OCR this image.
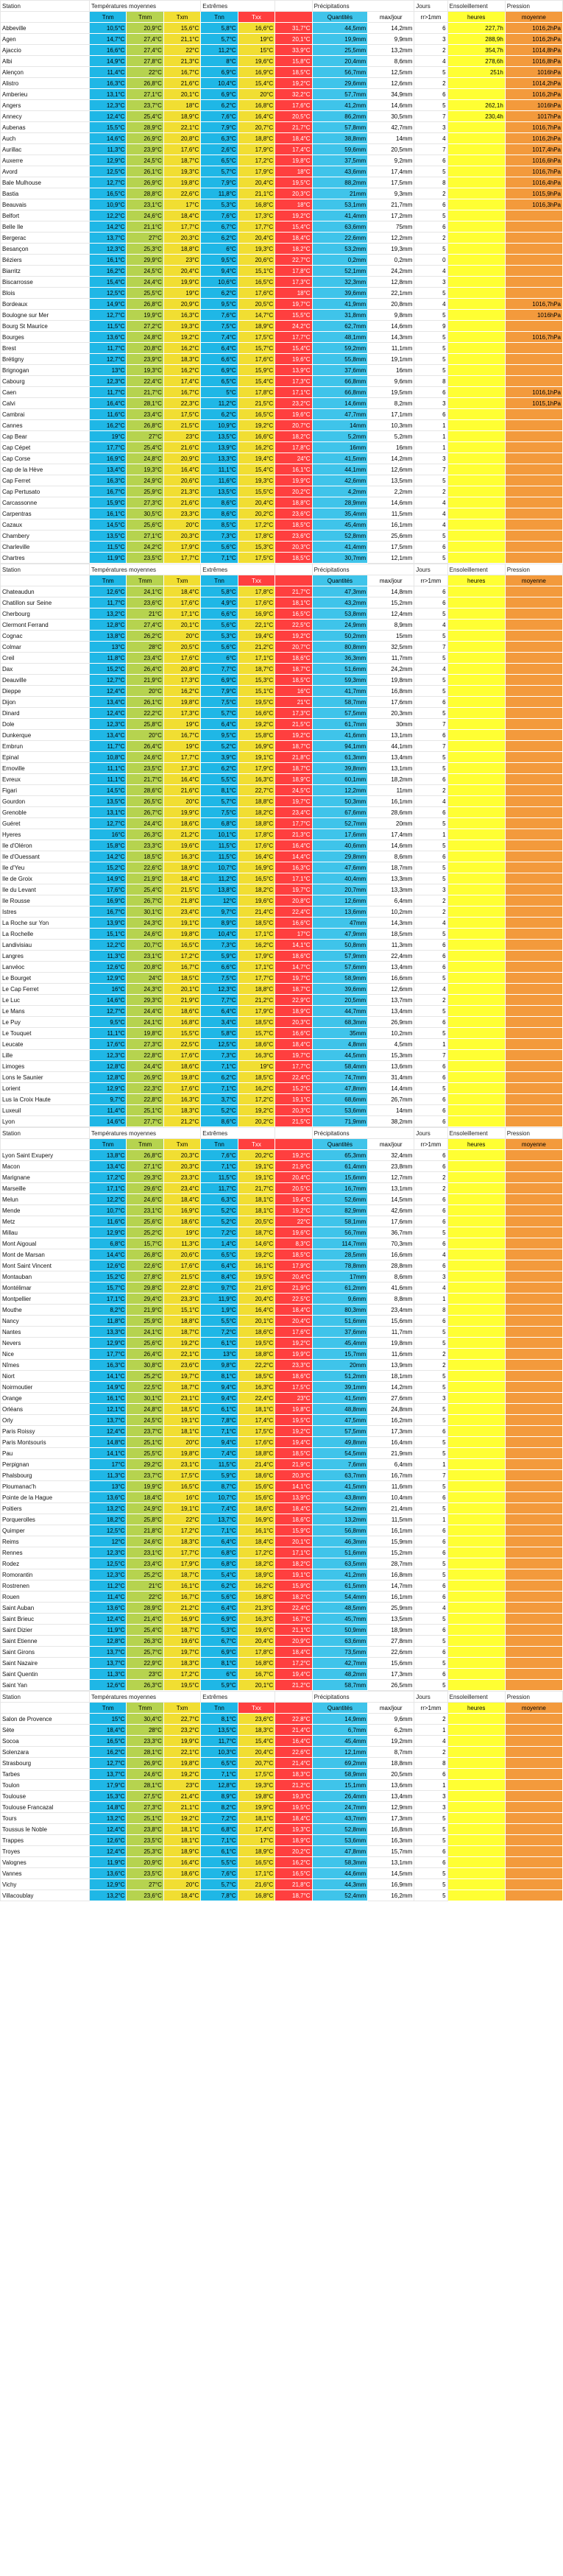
Station	Températures moyennes			Extrêmes			Précipitations		Jours	Ensoleillement	Pression
	Tnm	Tmm	Txm	Tnn	Txx		Quantités	max/jour	rr>1mm	heures	moyenne
Abbeville	10,5°C	20,9°C	15,6°C	5,8°C	16,6°C	31,7°C	44,5mm	14,2mm	6	227,7h	1016,2hPa
Agen	14,7°C	27,4°C	21,1°C	5,7°C	19°C	20,1°C	19,9mm	9,9mm	3	288,9h	1016,2hPa
Ajaccio	16,6°C	27,4°C	22°C	11,2°C	15°C	33,9°C	25,5mm	13,2mm	2	354,7h	1014,8hPa
Albi	14,9°C	27,8°C	21,3°C	8°C	19,6°C	15,8°C	20,4mm	8,6mm	4	278,6h	1016,8hPa
Alençon	11,4°C	22°C	16,7°C	6,9°C	16,9°C	18,5°C	56,7mm	12,5mm	5	251h	1016hPa
Alistro	16,3°C	26,8°C	21,6°C	10,4°C	15,4°C	19,2°C	29,6mm	12,6mm	2		1014,2hPa
Amberieu	13,1°C	27,1°C	20,1°C	6,9°C	20°C	32,2°C	57,7mm	34,9mm	6		1016,2hPa
Angers	12,3°C	23,7°C	18°C	6,2°C	16,8°C	17,6°C	41,2mm	14,6mm	5	262,1h	1016hPa
Annecy	12,4°C	25,4°C	18,9°C	7,6°C	16,4°C	20,5°C	86,2mm	30,5mm	7	230,4h	1017hPa
Aubenas	15,5°C	28,9°C	22,1°C	7,9°C	20,7°C	21,7°C	57,8mm	42,7mm	3		1016,7hPa
Auch	14,6°C	26,9°C	20,8°C	6,3°C	18,8°C	18,4°C	38,8mm	14mm	4		1016,2hPa
Aurillac	11,3°C	23,9°C	17,6°C	2,6°C	17,9°C	17,4°C	59,6mm	20,5mm	7		1017,4hPa
Auxerre	12,9°C	24,5°C	18,7°C	6,5°C	17,2°C	19,8°C	37,5mm	9,2mm	6		1016,6hPa
Avord	12,5°C	26,1°C	19,3°C	5,7°C	17,9°C	18°C	43,6mm	17,4mm	5		1016,7hPa
Bale Mulhouse	12,7°C	26,9°C	19,8°C	7,9°C	20,4°C	19,5°C	88,2mm	17,5mm	8		1016,4hPa
Bastia	16,5°C	28,8°C	22,6°C	11,8°C	21,1°C	20,3°C	21mm	9,3mm	2		1015,9hPa
Beauvais	10,9°C	23,1°C	17°C	5,3°C	16,8°C	18°C	53,1mm	21,7mm	6		1016,3hPa
Belfort	12,2°C	24,6°C	18,4°C	7,6°C	17,3°C	19,2°C	41,4mm	17,2mm	5		
Belle Ile	14,2°C	21,1°C	17,7°C	6,7°C	17,7°C	15,4°C	63,6mm	75mm	6		
Bergerac	13,7°C	27°C	20,3°C	6,2°C	20,4°C	18,4°C	22,6mm	12,2mm	2		
Besançon	12,3°C	25,3°C	18,8°C	6°C	19,3°C	18,2°C	53,2mm	19,3mm	5		
Béziers	16,1°C	29,9°C	23°C	9,5°C	20,6°C	22,7°C	0,2mm	0,2mm	0		
Biarritz	16,2°C	24,5°C	20,4°C	9,4°C	15,1°C	17,8°C	52,1mm	24,2mm	4		
Biscarrosse	15,4°C	24,4°C	19,9°C	10,6°C	16,5°C	17,3°C	32,3mm	12,8mm	3		
Blois	12,5°C	25,5°C	19°C	6,2°C	17,6°C	18°C	39,6mm	22,1mm	5		
Bordeaux	14,9°C	26,8°C	20,9°C	9,5°C	20,5°C	19,7°C	41,9mm	20,8mm	4		1016,7hPa
Boulogne sur Mer	12,7°C	19,9°C	16,3°C	7,6°C	14,7°C	15,5°C	31,8mm	9,8mm	5		1016hPa
Bourg St Maurice	11,5°C	27,2°C	19,3°C	7,5°C	18,9°C	24,2°C	62,7mm	14,6mm	9		
Bourges	13,6°C	24,8°C	19,2°C	7,4°C	17,5°C	17,7°C	48,1mm	14,3mm	5		1016,7hPa
Brest	11,7°C	20,8°C	16,2°C	6,4°C	15,7°C	15,4°C	59,2mm	11,1mm	5		
Brétigny	12,7°C	23,9°C	18,3°C	6,6°C	17,6°C	19,6°C	55,8mm	19,1mm	5		
Brignogan	13°C	19,3°C	16,2°C	6,9°C	15,9°C	13,9°C	37,6mm	16mm	5		
Cabourg	12,3°C	22,4°C	17,4°C	6,5°C	15,4°C	17,3°C	66,8mm	9,6mm	8		
Caen	11,7°C	21,7°C	16,7°C	5°C	17,8°C	17,1°C	66,8mm	19,5mm	6		1016,1hPa
Calvi	16,4°C	28,1°C	22,3°C	11,2°C	21,5°C	23,2°C	14,6mm	8,2mm	3		1015,1hPa
Cambrai	11,6°C	23,4°C	17,5°C	6,2°C	16,5°C	19,6°C	47,7mm	17,1mm	6		
Cannes	16,2°C	26,8°C	21,5°C	10,9°C	19,2°C	20,7°C	14mm	10,3mm	1		
Cap Bear	19°C	27°C	23°C	13,5°C	16,6°C	18,2°C	5,2mm	5,2mm	1		
Cap Cépet	17,7°C	25,4°C	21,6°C	13,9°C	16,2°C	17,8°C	16mm	16mm	1		
Cap Corse	16,9°C	24,8°C	20,9°C	13,3°C	19,4°C	24°C	41,5mm	14,2mm	3		
Cap de la Hève	13,4°C	19,3°C	16,4°C	11,1°C	15,4°C	16,1°C	44,1mm	12,6mm	7		
Cap Ferret	16,3°C	24,9°C	20,6°C	11,6°C	19,3°C	19,9°C	42,6mm	13,5mm	5		
Cap Pertusato	16,7°C	25,9°C	21,3°C	13,5°C	15,5°C	20,2°C	4,2mm	2,2mm	2		
Carcassonne	15,9°C	27,3°C	21,6°C	8,6°C	20,4°C	18,8°C	28,9mm	14,6mm	4		
Carpentras	16,1°C	30,5°C	23,3°C	8,6°C	20,2°C	23,6°C	35,4mm	11,5mm	4		
Cazaux	14,5°C	25,6°C	20°C	8,5°C	17,2°C	18,5°C	45,4mm	16,1mm	4		
Chambery	13,5°C	27,1°C	20,3°C	7,3°C	17,8°C	23,6°C	52,8mm	25,6mm	5		
Charleville	11,5°C	24,2°C	17,9°C	5,6°C	15,3°C	20,3°C	41,4mm	17,5mm	6		
Chartres	11,9°C	23,5°C	17,7°C	7,1°C	17,5°C	18,5°C	30,7mm	12,1mm	5		
Station	Températures moyennes			Extrêmes			Précipitations		Jours	Ensoleillement	Pression
	Tnm	Tmm	Txm	Tnn	Txx		Quantités	max/jour	rr>1mm	heures	moyenne
Chateaudun	12,6°C	24,1°C	18,4°C	5,8°C	17,8°C	21,7°C	47,3mm	14,8mm	6		
Chatillon sur Seine	11,7°C	23,6°C	17,6°C	4,9°C	17,6°C	18,1°C	43,2mm	15,2mm	6		
Cherbourg	13,2°C	21°C	17,1°C	6,6°C	16,9°C	16,5°C	53,8mm	12,4mm	5		
Clermont Ferrand	12,8°C	27,4°C	20,1°C	5,6°C	22,1°C	22,5°C	24,9mm	8,9mm	4		
Cognac	13,8°C	26,2°C	20°C	5,3°C	19,4°C	19,2°C	50,2mm	15mm	5		
Colmar	13°C	28°C	20,5°C	5,6°C	21,2°C	20,7°C	80,8mm	32,5mm	7		
Creil	11,8°C	23,4°C	17,6°C	6°C	17,1°C	18,6°C	36,3mm	11,7mm	5		
Dax	15,2°C	26,4°C	20,8°C	7,7°C	18,7°C	18,7°C	51,6mm	24,2mm	4		
Deauville	12,7°C	21,9°C	17,3°C	6,9°C	15,3°C	18,5°C	59,3mm	19,8mm	5		
Dieppe	12,4°C	20°C	16,2°C	7,9°C	15,1°C	16°C	41,7mm	16,8mm	5		
Dijon	13,4°C	26,1°C	19,8°C	7,5°C	19,5°C	21°C	58,7mm	17,6mm	6		
Dinard	12,4°C	22,2°C	17,3°C	5,7°C	16,6°C	17,3°C	57,5mm	20,3mm	5		
Dole	12,3°C	25,8°C	19°C	6,4°C	19,2°C	21,5°C	61,7mm	30mm	7		
Dunkerque	13,4°C	20°C	16,7°C	9,5°C	15,8°C	19,2°C	41,6mm	13,1mm	6		
Embrun	11,7°C	26,4°C	19°C	5,2°C	16,9°C	18,7°C	94,1mm	44,1mm	7		
Epinal	10,8°C	24,6°C	17,7°C	3,9°C	19,1°C	21,8°C	61,3mm	13,4mm	5		
Ernoville	11,1°C	23,5°C	17,3°C	6,2°C	17,9°C	18,7°C	39,8mm	13,1mm	5		
Evreux	11,1°C	21,7°C	16,4°C	5,5°C	16,3°C	18,9°C	60,1mm	18,2mm	6		
Figari	14,5°C	28,6°C	21,6°C	8,1°C	22,7°C	24,5°C	12,2mm	11mm	2		
Gourdon	13,5°C	26,5°C	20°C	5,7°C	18,8°C	19,7°C	50,3mm	16,1mm	4		
Grenoble	13,1°C	26,7°C	19,9°C	7,5°C	18,2°C	23,4°C	67,6mm	28,6mm	6		
Guéret	12,7°C	24,4°C	18,6°C	6,8°C	18,8°C	17,7°C	52,7mm	20mm	5		
Hyeres	16°C	26,3°C	21,2°C	10,1°C	17,8°C	21,3°C	17,6mm	17,4mm	1		
Ile d'Oléron	15,8°C	23,3°C	19,6°C	11,5°C	17,6°C	16,4°C	40,6mm	14,6mm	5		
Ile d'Ouessant	14,2°C	18,5°C	16,3°C	11,5°C	16,4°C	14,4°C	29,8mm	8,6mm	6		
Ile d'Yeu	15,2°C	22,6°C	18,9°C	10,7°C	16,9°C	16,3°C	47,6mm	18,7mm	5		
Ile de Groix	14,9°C	21,9°C	18,4°C	11,2°C	16,5°C	17,1°C	40,4mm	13,3mm	5		
Ile du Levant	17,6°C	25,4°C	21,5°C	13,8°C	18,2°C	19,7°C	20,7mm	13,3mm	3		
Ile Rousse	16,9°C	26,7°C	21,8°C	12°C	19,6°C	20,8°C	12,6mm	6,4mm	2		
Istres	16,7°C	30,1°C	23,4°C	9,7°C	21,4°C	22,4°C	13,6mm	10,2mm	2		
La Roche sur Yon	13,9°C	24,3°C	19,1°C	8,9°C	18,5°C	16,6°C	47mm	14,3mm	4		
La Rochelle	15,1°C	24,6°C	19,8°C	10,4°C	17,1°C	17°C	47,9mm	18,5mm	5		
Landivisiau	12,2°C	20,7°C	16,5°C	7,3°C	16,2°C	14,1°C	50,8mm	11,3mm	6		
Langres	11,3°C	23,1°C	17,2°C	5,9°C	17,9°C	18,6°C	57,9mm	22,4mm	6		
Lanvéoc	12,6°C	20,8°C	16,7°C	6,6°C	17,1°C	14,7°C	57,6mm	13,4mm	6		
Le Bourget	12,9°C	24°C	18,5°C	7,5°C	17,7°C	19,7°C	58,9mm	16,6mm	5		
Le Cap Ferret	16°C	24,3°C	20,1°C	12,3°C	18,8°C	18,7°C	39,6mm	12,6mm	4		
Le Luc	14,6°C	29,3°C	21,9°C	7,7°C	21,2°C	22,9°C	20,5mm	13,7mm	2		
Le Mans	12,7°C	24,4°C	18,6°C	6,4°C	17,9°C	18,9°C	44,7mm	13,4mm	5		
Le Puy	9,5°C	24,1°C	16,8°C	3,4°C	18,5°C	20,3°C	68,3mm	26,9mm	6		
Le Touquet	11,1°C	19,8°C	15,5°C	5,8°C	15,7°C	16,6°C	35mm	10,2mm	5		
Leucate	17,6°C	27,3°C	22,5°C	12,5°C	18,6°C	18,4°C	4,8mm	4,5mm	1		
Lille	12,3°C	22,8°C	17,6°C	7,3°C	16,3°C	19,7°C	44,5mm	15,3mm	7		
Limoges	12,8°C	24,4°C	18,6°C	7,1°C	19°C	17,7°C	58,4mm	13,6mm	6		
Lons le Saunier	12,8°C	26,9°C	19,8°C	6,2°C	18,5°C	22,4°C	74,7mm	31,4mm	6		
Lorient	12,9°C	22,3°C	17,6°C	7,1°C	16,2°C	15,2°C	47,8mm	14,4mm	5		
Lus la Croix Haute	9,7°C	22,8°C	16,3°C	3,7°C	17,2°C	19,1°C	68,6mm	26,7mm	6		
Luxeuil	11,4°C	25,1°C	18,3°C	5,2°C	19,2°C	20,3°C	53,6mm	14mm	6		
Lyon	14,6°C	27,7°C	21,2°C	8,6°C	20,2°C	21,5°C	71,9mm	38,2mm	6		
Station	Températures moyennes			Extrêmes			Précipitations		Jours	Ensoleillement	Pression
	Tnm	Tmm	Txm	Tnn	Txx		Quantités	max/jour	rr>1mm	heures	moyenne
Lyon Saint Exupery	13,8°C	26,8°C	20,3°C	7,6°C	20,2°C	19,2°C	65,3mm	32,4mm	6		
Macon	13,4°C	27,1°C	20,3°C	7,1°C	19,1°C	21,9°C	61,4mm	23,8mm	6		
Marignane	17,2°C	29,3°C	23,3°C	11,5°C	19,1°C	20,4°C	15,6mm	12,7mm	2		
Marseille	17,1°C	29,6°C	23,4°C	11,7°C	21,7°C	20,5°C	16,7mm	13,1mm	2		
Melun	12,2°C	24,6°C	18,4°C	6,3°C	18,1°C	19,4°C	52,6mm	14,5mm	6		
Mende	10,7°C	23,1°C	16,9°C	5,2°C	18,1°C	19,2°C	82,9mm	42,6mm	6		
Metz	11,6°C	25,6°C	18,6°C	5,2°C	20,5°C	22°C	58,1mm	17,6mm	6		
Millau	12,9°C	25,2°C	19°C	7,2°C	18,7°C	19,6°C	56,7mm	36,7mm	5		
Mont Aigoual	6,8°C	15,7°C	11,3°C	1,4°C	14,6°C	8,3°C	114,7mm	70,3mm	6		
Mont de Marsan	14,4°C	26,8°C	20,6°C	6,5°C	19,2°C	18,5°C	28,5mm	16,6mm	4		
Mont Saint Vincent	12,6°C	22,6°C	17,6°C	6,4°C	16,1°C	17,9°C	78,8mm	28,8mm	6		
Montauban	15,2°C	27,8°C	21,5°C	8,4°C	19,5°C	20,4°C	17mm	8,6mm	3		
Montélimar	15,7°C	29,8°C	22,8°C	9,7°C	21,6°C	21,9°C	61,2mm	41,6mm	4		
Montpellier	17,1°C	29,4°C	23,3°C	11,9°C	20,4°C	22,5°C	9,6mm	8,8mm	1		
Mouthe	8,2°C	21,9°C	15,1°C	1,9°C	16,4°C	18,4°C	80,3mm	23,4mm	8		
Nancy	11,8°C	25,9°C	18,8°C	5,5°C	20,1°C	20,4°C	51,6mm	15,6mm	6		
Nantes	13,3°C	24,1°C	18,7°C	7,2°C	18,6°C	17,6°C	37,6mm	11,7mm	5		
Nevers	12,9°C	25,6°C	19,2°C	6,1°C	19,5°C	19,2°C	45,4mm	19,8mm	5		
Nice	17,7°C	26,4°C	22,1°C	13°C	18,8°C	19,9°C	15,7mm	11,6mm	2		
Nîmes	16,3°C	30,8°C	23,6°C	9,8°C	22,2°C	23,3°C	20mm	13,9mm	2		
Niort	14,1°C	25,2°C	19,7°C	8,1°C	18,5°C	18,6°C	51,2mm	18,1mm	5		
Noirmoutier	14,9°C	22,5°C	18,7°C	9,4°C	16,3°C	17,5°C	39,1mm	14,2mm	5		
Orange	16,1°C	30,1°C	23,1°C	9,4°C	22,4°C	23°C	41,5mm	27,6mm	3		
Orléans	12,1°C	24,8°C	18,5°C	6,1°C	18,1°C	19,8°C	48,8mm	24,8mm	5		
Orly	13,7°C	24,5°C	19,1°C	7,8°C	17,4°C	19,5°C	47,5mm	16,2mm	5		
Paris Roissy	12,4°C	23,7°C	18,1°C	7,1°C	17,5°C	19,2°C	57,5mm	17,3mm	6		
Paris Montsouris	14,8°C	25,1°C	20°C	9,4°C	17,6°C	19,4°C	49,8mm	16,4mm	5		
Pau	14,1°C	25,5°C	19,8°C	7,4°C	18,8°C	18,5°C	54,5mm	21,9mm	5		
Perpignan	17°C	29,2°C	23,1°C	11,5°C	21,4°C	21,9°C	7,6mm	6,4mm	1		
Phalsbourg	11,3°C	23,7°C	17,5°C	5,9°C	18,6°C	20,3°C	63,7mm	16,7mm	7		
Ploumanac'h	13°C	19,9°C	16,5°C	8,7°C	15,6°C	14,1°C	41,5mm	11,6mm	5		
Pointe de la Hague	13,6°C	18,4°C	16°C	10,7°C	15,6°C	13,9°C	43,8mm	10,4mm	6		
Poitiers	13,2°C	24,9°C	19,1°C	7,4°C	18,6°C	18,4°C	54,2mm	21,4mm	5		
Porquerolles	18,2°C	25,8°C	22°C	13,7°C	16,9°C	18,6°C	13,2mm	11,5mm	1		
Quimper	12,5°C	21,8°C	17,2°C	7,1°C	16,1°C	15,9°C	56,8mm	16,1mm	6		
Reims	12°C	24,6°C	18,3°C	6,4°C	18,4°C	20,1°C	46,3mm	15,9mm	6		
Rennes	12,3°C	23,1°C	17,7°C	6,8°C	17,2°C	17,1°C	51,6mm	15,2mm	6		
Rodez	12,5°C	23,4°C	17,9°C	6,8°C	18,2°C	18,2°C	63,5mm	28,7mm	5		
Romorantin	12,3°C	25,2°C	18,7°C	5,4°C	18,9°C	19,1°C	41,2mm	16,8mm	5		
Rostrenen	11,2°C	21°C	16,1°C	6,2°C	16,2°C	15,9°C	61,5mm	14,7mm	6		
Rouen	11,4°C	22°C	16,7°C	5,6°C	16,8°C	18,2°C	54,4mm	16,1mm	6		
Saint Auban	13,6°C	28,9°C	21,2°C	6,4°C	21,3°C	22,4°C	48,5mm	25,9mm	4		
Saint Brieuc	12,4°C	21,4°C	16,9°C	6,9°C	16,3°C	16,7°C	45,7mm	13,5mm	5		
Saint Dizier	11,9°C	25,4°C	18,7°C	5,3°C	19,6°C	21,1°C	50,9mm	18,9mm	6		
Saint Etienne	12,8°C	26,3°C	19,6°C	6,7°C	20,4°C	20,9°C	63,6mm	27,8mm	5		
Saint Girons	13,7°C	25,7°C	19,7°C	6,9°C	17,8°C	18,4°C	73,5mm	22,6mm	6		
Saint Nazaire	13,7°C	22,9°C	18,3°C	8,1°C	16,8°C	17,2°C	42,7mm	15,6mm	5		
Saint Quentin	11,3°C	23°C	17,2°C	6°C	16,7°C	19,4°C	48,2mm	17,3mm	6		
Saint Yan	12,6°C	26,3°C	19,5°C	5,9°C	20,1°C	21,2°C	58,7mm	26,5mm	5		
Station	Températures moyennes			Extrêmes			Précipitations		Jours	Ensoleillement	Pression
	Tnm	Tmm	Txm	Tnn	Txx		Quantités	max/jour	rr>1mm	heures	moyenne
Salon de Provence	15°C	30,4°C	22,7°C	8,1°C	23,6°C	22,8°C	14,9mm	9,6mm	2		
Sète	18,4°C	28°C	23,2°C	13,5°C	18,3°C	21,4°C	6,7mm	6,2mm	1		
Socoa	16,5°C	23,3°C	19,9°C	11,7°C	15,4°C	16,4°C	45,4mm	19,2mm	4		
Solenzara	16,2°C	28,1°C	22,1°C	10,3°C	20,4°C	22,6°C	12,1mm	8,7mm	2		
Strasbourg	12,7°C	26,9°C	19,8°C	6,5°C	20,7°C	21,4°C	69,2mm	18,8mm	8		
Tarbes	13,7°C	24,6°C	19,2°C	7,1°C	17,5°C	18,3°C	58,9mm	20,5mm	6		
Toulon	17,9°C	28,1°C	23°C	12,8°C	19,3°C	21,2°C	15,1mm	13,6mm	1		
Toulouse	15,3°C	27,5°C	21,4°C	8,9°C	19,8°C	19,3°C	26,4mm	13,4mm	3		
Toulouse Francazal	14,8°C	27,3°C	21,1°C	8,2°C	19,9°C	19,5°C	24,7mm	12,9mm	3		
Tours	13,2°C	25,1°C	19,2°C	7,2°C	18,1°C	18,4°C	43,7mm	17,3mm	5		
Toussus le Noble	12,4°C	23,8°C	18,1°C	6,8°C	17,4°C	19,3°C	52,8mm	16,8mm	5		
Trappes	12,6°C	23,5°C	18,1°C	7,1°C	17°C	18,9°C	53,6mm	16,3mm	5		
Troyes	12,4°C	25,3°C	18,9°C	6,1°C	18,9°C	20,2°C	47,8mm	15,7mm	6		
Valognes	11,9°C	20,9°C	16,4°C	5,5°C	16,5°C	16,2°C	58,3mm	13,1mm	6		
Vannes	13,6°C	23,5°C	18,6°C	7,6°C	17,1°C	16,5°C	44,6mm	14,5mm	5		
Vichy	12,9°C	27°C	20°C	5,7°C	21,6°C	21,8°C	44,3mm	16,9mm	5		
Villacoublay	13,2°C	23,6°C	18,4°C	7,8°C	16,8°C	18,7°C	52,4mm	16,2mm	5		
